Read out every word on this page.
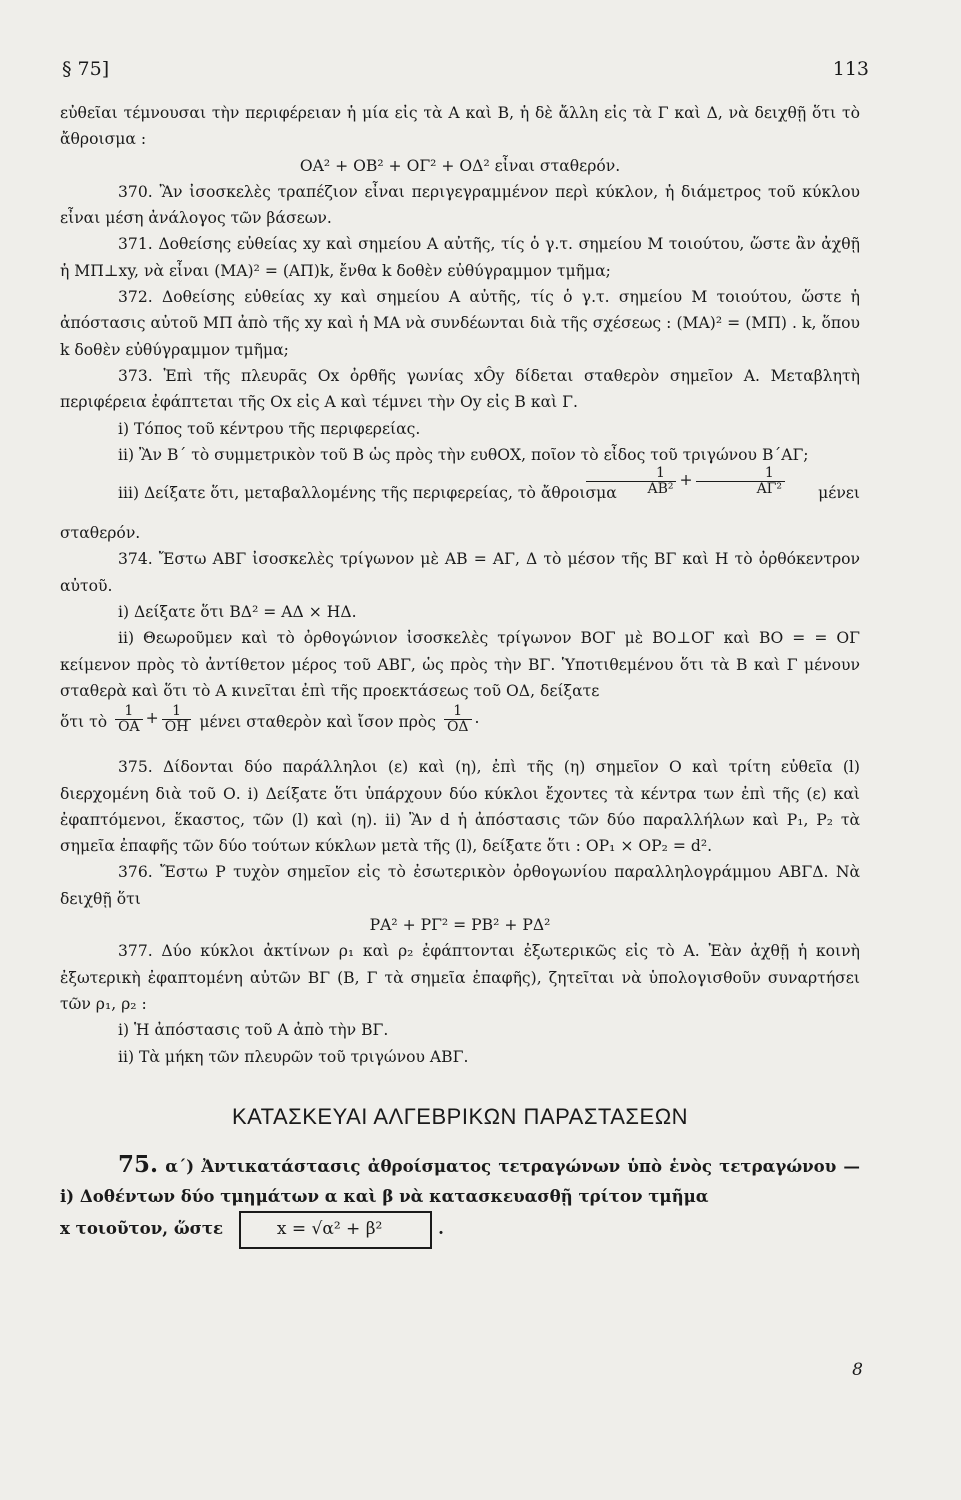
§ 75]	113

εὐθεῖαι τέμνουσαι τὴν περιφέρειαν ἡ μία εἰς τὰ Α καὶ Β, ἡ δὲ ἄλλη εἰς τὰ Γ καὶ Δ, νὰ δειχθῇ ὅτι τὸ ἄθροισμα :

ΟΑ² + ΟΒ² + ΟΓ² + ΟΔ² εἶναι σταθερόν.

370. Ἂν ἰσοσκελὲς τραπέζιον εἶναι περιγεγραμμένον περὶ κύκλον, ἡ διάμετρος τοῦ κύκλου εἶναι μέση ἀνάλογος τῶν βάσεων.

371. Δοθείσης εὐθείας xy καὶ σημείου Α αὐτῆς, τίς ὁ γ.τ. σημείου Μ τοιούτου, ὥστε ἂν ἀχθῇ ἡ ΜΠ⊥xy, νὰ εἶναι (ΜΑ)² = (ΑΠ)k, ἔνθα k δοθὲν εὐθύγραμμον τμῆμα;

372. Δοθείσης εὐθείας xy καὶ σημείου Α αὐτῆς, τίς ὁ γ.τ. σημείου Μ τοιούτου, ὥστε ἡ ἀπόστασις αὐτοῦ ΜΠ ἀπὸ τῆς xy καὶ ἡ ΜΑ νὰ συνδέωνται διὰ τῆς σχέσεως : (ΜΑ)² = (ΜΠ) . k, ὅπου k δοθὲν εὐθύγραμμον τμῆμα;

373. Ἐπὶ τῆς πλευρᾶς Οx ὀρθῆς γωνίας xÔy δίδεται σταθερὸν σημεῖον Α. Μεταβλητὴ περιφέρεια ἐφάπτεται τῆς Οx εἰς Α καὶ τέμνει τὴν Οy εἰς Β καὶ Γ.

i) Τόπος τοῦ κέντρου τῆς περιφερείας.

ii) Ἂν Β΄ τὸ συμμετρικὸν τοῦ Β ὡς πρὸς τὴν ευθΟΧ, ποῖον τὸ εἶδος τοῦ τριγώνου Β΄ΑΓ;

iii) Δείξατε ὅτι, μεταβαλλομένης τῆς περιφερείας, τὸ ἄθροισμα
$\frac{1}{\text{ΑΒ²}} + \frac{1}{\text{ΑΓ²}}$	μένει

σταθερόν.

374. Ἔστω ΑΒΓ ἰσοσκελὲς τρίγωνον μὲ ΑΒ = ΑΓ, Δ τὸ μέσον τῆς ΒΓ καὶ Η τὸ ὀρθόκεντρον αὐτοῦ.

i) Δείξατε ὅτι ΒΔ² = ΑΔ × ΗΔ.

ii) Θεωροῦμεν καὶ τὸ ὀρθογώνιον ἰσοσκελὲς τρίγωνον ΒΟΓ μὲ ΒΟ⊥ΟΓ καὶ ΒΟ = = ΟΓ κείμενον πρὸς τὸ ἀντίθετον μέρος τοῦ ΑΒΓ, ὡς πρὸς τὴν ΒΓ. Ὑποτιθεμένου ὅτι τὰ Β καὶ Γ μένουν σταθερὰ καὶ ὅτι τὸ Α κινεῖται ἐπὶ τῆς προεκτάσεως τοῦ ΟΔ, δείξατε

ὅτι τὸ $\frac{1}{OA} + \frac{1}{OH}$ μένει σταθερὸν καὶ ἴσον πρὸς $\frac{1}{O\Delta}$ .

375. Δίδονται δύο παράλληλοι (ε) καὶ (η), ἐπὶ τῆς (η) σημεῖον Ο καὶ τρίτη εὐθεῖα (l) διερχομένη διὰ τοῦ Ο. i) Δείξατε ὅτι ὑπάρχουν δύο κύκλοι ἔχοντες τὰ κέντρα των ἐπὶ τῆς (ε) καὶ ἐφαπτόμενοι, ἕκαστος, τῶν (l) καὶ (η). ii) Ἂν d ἡ ἀπόστασις τῶν δύο παραλλήλων καὶ Ρ₁, Ρ₂ τὰ σημεῖα ἐπαφῆς τῶν δύο τούτων κύκλων μετὰ τῆς (l), δείξατε ὅτι : ΟΡ₁ × ΟΡ₂ = d².

376. Ἔστω Ρ τυχὸν σημεῖον εἰς τὸ ἐσωτερικὸν ὀρθογωνίου παραλληλογράμμου ΑΒΓΔ. Νὰ δειχθῇ ὅτι

ΡΑ² + ΡΓ² = ΡΒ² + ΡΔ²

377. Δύο κύκλοι ἀκτίνων ρ₁ καὶ ρ₂ ἐφάπτονται ἐξωτερικῶς εἰς τὸ Α. Ἐὰν ἀχθῇ ἡ κοινὴ ἐξωτερικὴ ἐφαπτομένη αὐτῶν ΒΓ (Β, Γ τὰ σημεῖα ἐπαφῆς), ζητεῖται νὰ ὑπολογισθοῦν συναρτήσει τῶν ρ₁, ρ₂ :

i) Ἡ ἀπόστασις τοῦ Α ἀπὸ τὴν ΒΓ.

ii) Τὰ μήκη τῶν πλευρῶν τοῦ τριγώνου ΑΒΓ.

ΚΑΤΑΣΚΕΥΑΙ ΑΛΓΕΒΡΙΚΩΝ ΠΑΡΑΣΤΑΣΕΩΝ

75. α΄) Ἀντικατάστασις ἀθροίσματος τετραγώνων ὑπὸ ἑνὸς τετραγώνου — i) Δοθέντων δύο τμημάτων α καὶ β νὰ κατασκευασθῇ τρίτον τμῆμα

x τοιοῦτον, ὥστε	x = √α² + β²	.

8
